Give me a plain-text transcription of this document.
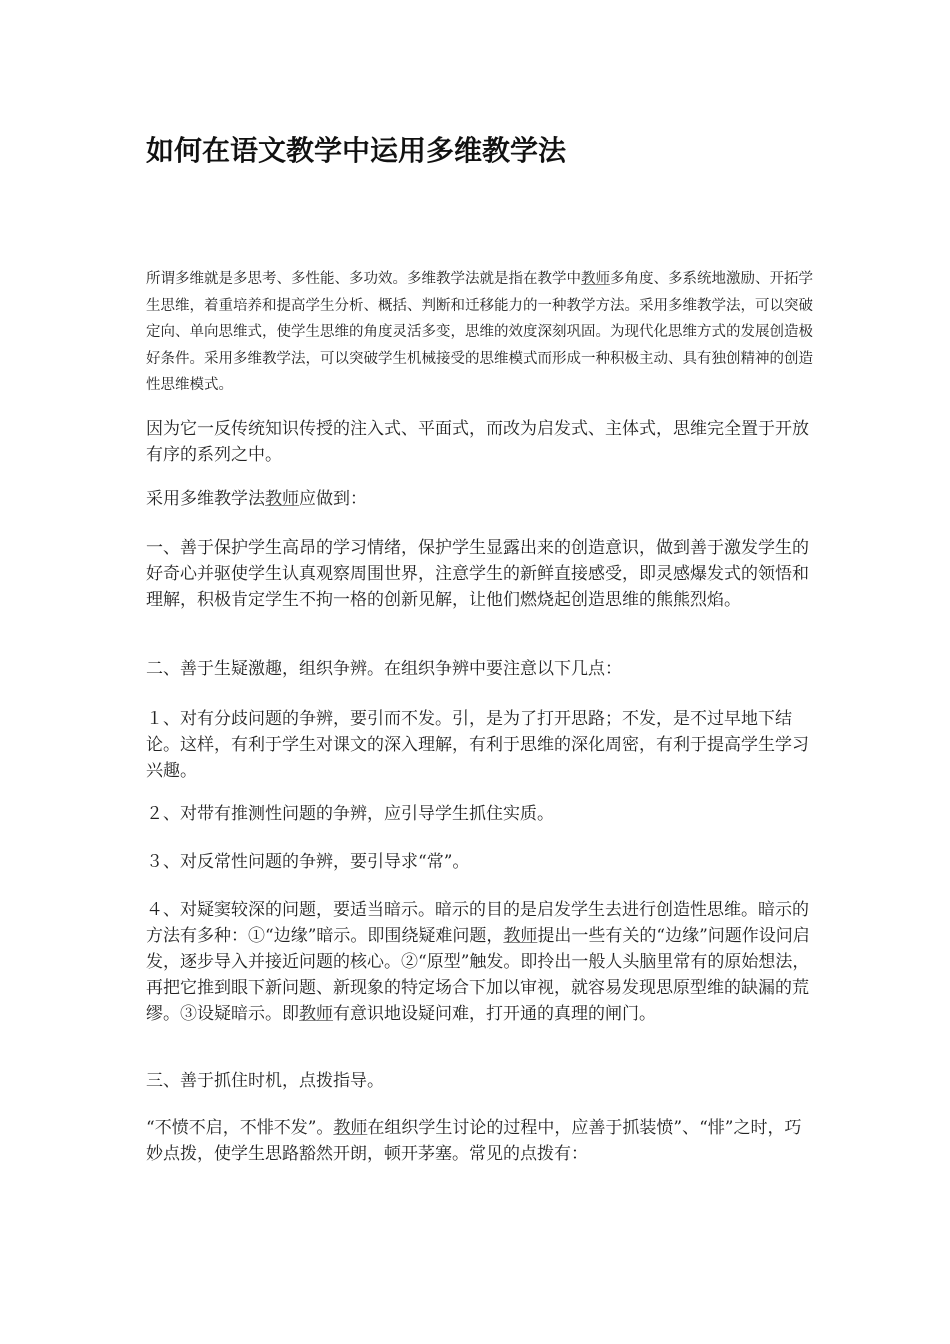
如何在语文教学中运用多维教学法

所谓多维就是多思考、多性能、多功效。多维教学法就是指在教学中教师多角度、多系统地激励、开拓学生思维，着重培养和提高学生分析、概括、判断和迁移能力的一种教学方法。采用多维教学法，可以突破定向、单向思维式，使学生思维的角度灵活多变，思维的效度深刻巩固。为现代化思维方式的发展创造极好条件。采用多维教学法，可以突破学生机械接受的思维模式而形成一种积极主动、具有独创精神的创造性思维模式。

因为它一反传统知识传授的注入式、平面式，而改为启发式、主体式，思维完全置于开放有序的系列之中。

采用多维教学法教师应做到：

一、善于保护学生高昂的学习情绪，保护学生显露出来的创造意识，做到善于激发学生的好奇心并驱使学生认真观察周围世界，注意学生的新鲜直接感受，即灵感爆发式的领悟和理解，积极肯定学生不拘一格的创新见解，让他们燃烧起创造思维的熊熊烈焰。

二、善于生疑激趣，组织争辨。在组织争辨中要注意以下几点：

１、对有分歧问题的争辨，要引而不发。引，是为了打开思路；不发，是不过早地下结论。这样，有利于学生对课文的深入理解，有利于思维的深化周密，有利于提高学生学习兴趣。

２、对带有推测性问题的争辨，应引导学生抓住实质。

３、对反常性问题的争辨，要引导求“常”。

４、对疑窦较深的问题，要适当暗示。暗示的目的是启发学生去进行创造性思维。暗示的方法有多种：①“边缘”暗示。即围绕疑难问题，教师提出一些有关的“边缘”问题作设问启发，逐步导入并接近问题的核心。②“原型”触发。即拎出一般人头脑里常有的原始想法，再把它推到眼下新问题、新现象的特定场合下加以审视，就容易发现思原型维的缺漏的荒缪。③设疑暗示。即教师有意识地设疑问难，打开通的真理的闸门。

三、善于抓住时机，点拨指导。

“不愤不启，不悱不发”。教师在组织学生讨论的过程中，应善于抓装愤”、“悱”之时，巧妙点拨，使学生思路豁然开朗，顿开茅塞。常见的点拨有：
